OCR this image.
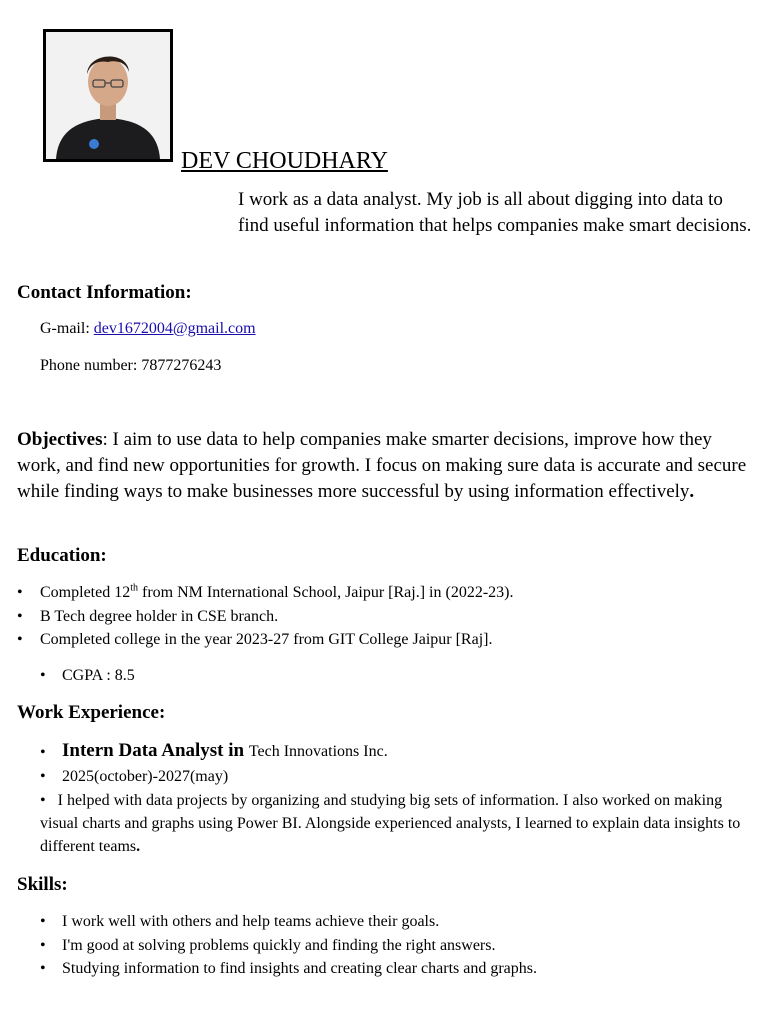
DEV CHOUDHARY

I work as a data analyst. My job is all about digging into data to find useful information that helps companies make smart decisions.

Contact Information:

G-mail: dev1672004@gmail.com

Phone number: 7877276243

Objectives: I aim to use data to help companies make smarter decisions, improve how they work, and find new opportunities for growth. I focus on making sure data is accurate and secure while finding ways to make businesses more successful by using information effectively.

Education:
• Completed 12th from NM International School, Jaipur [Raj.] in (2022-23).
• B Tech degree holder in CSE branch.
• Completed college in the year 2023-27 from GIT College Jaipur [Raj].
• CGPA : 8.5
Work Experience:
• Intern Data Analyst in Tech Innovations Inc.
• 2025(october)-2027(may)

• I helped with data projects by organizing and studying big sets of information. I also worked on making visual charts and graphs using Power BI. Alongside experienced analysts, I learned to explain data insights to different teams.

Skills:
• I work well with others and help teams achieve their goals.
• I'm good at solving problems quickly and finding the right answers.
• Studying information to find insights and creating clear charts and graphs.
